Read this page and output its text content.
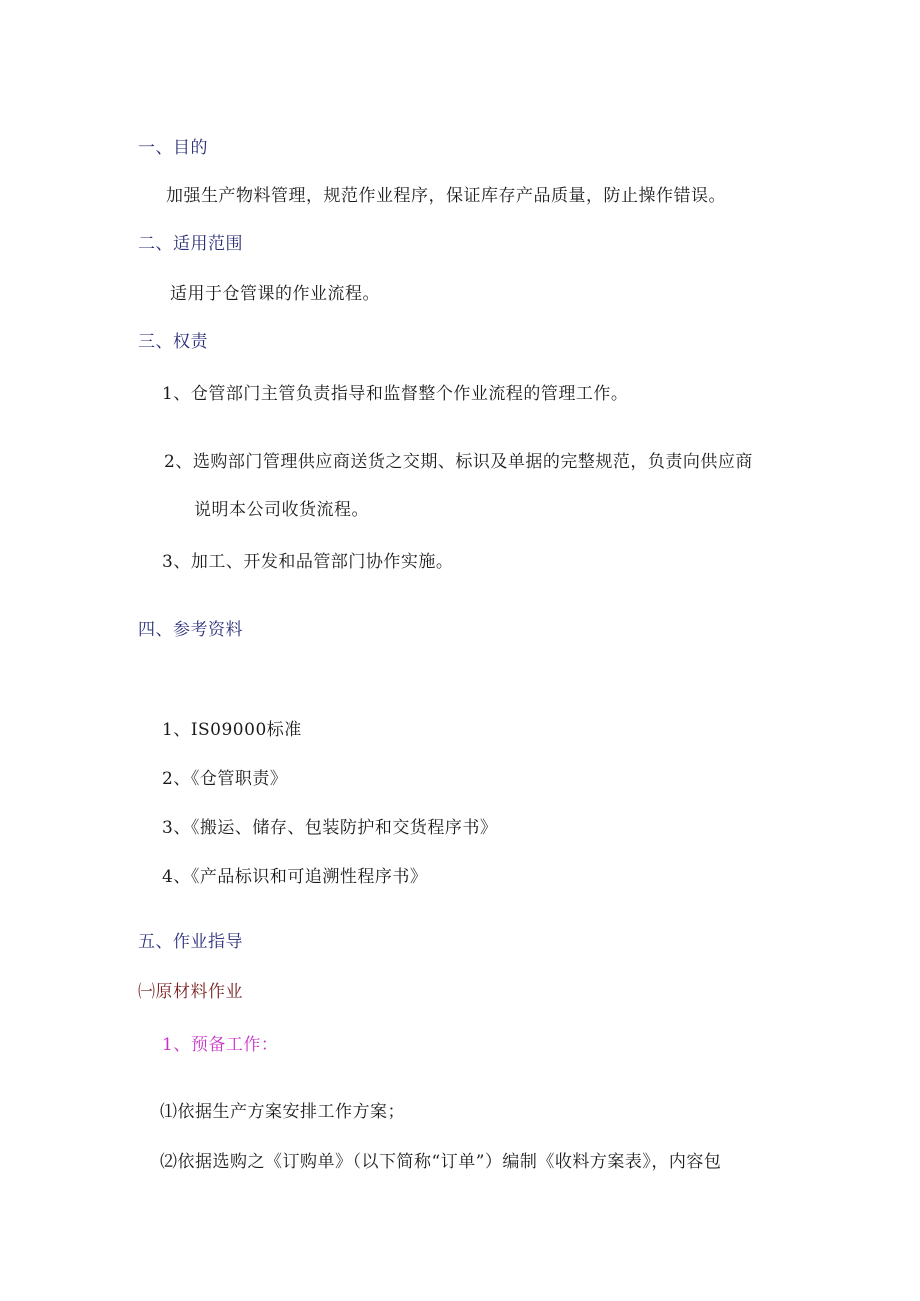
一、目的
加强生产物料管理，规范作业程序，保证库存产品质量，防止操作错误。
二、适用范围
适用于仓管课的作业流程。
三、权责
1、仓管部门主管负责指导和监督整个作业流程的管理工作。
2、选购部门管理供应商送货之交期、标识及单据的完整规范，负责向供应商
说明本公司收货流程。
3、加工、开发和品管部门协作实施。
四、参考资料
1、IS09000标准
2、《仓管职责》
3、《搬运、储存、包装防护和交货程序书》
4、《产品标识和可追溯性程序书》
五、作业指导
㈠原材料作业
1、预备工作：
⑴依据生产方案安排工作方案；
⑵依据选购之《订购单》（以下简称“订单”）编制《收料方案表》，内容包
